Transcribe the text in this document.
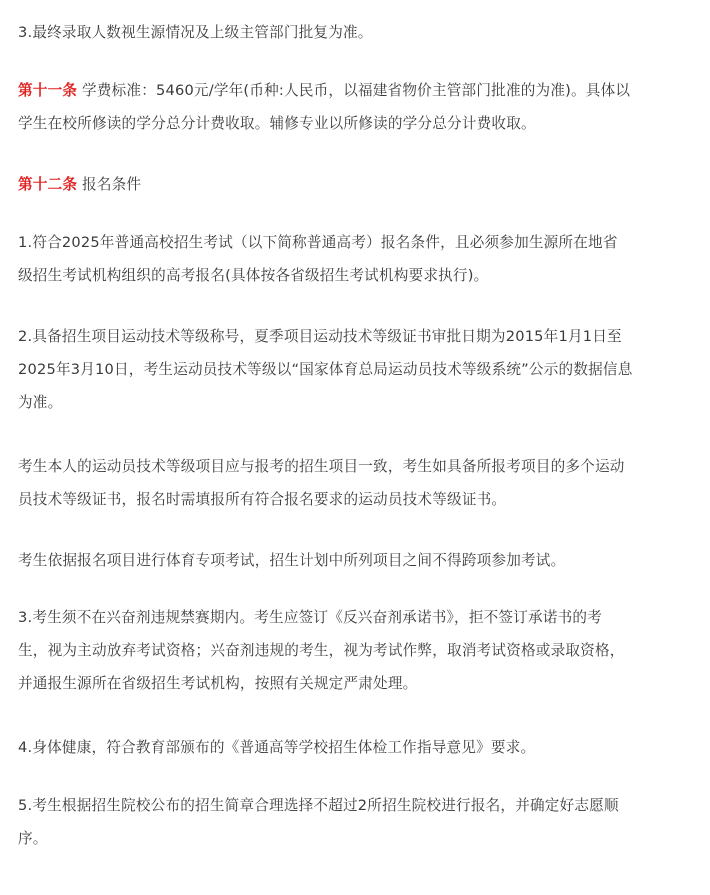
3.最终录取人数视生源情况及上级主管部门批复为准。

第十一条 学费标准：5460元/学年(币种:人民币，以福建省物价主管部门批准的为准)。具体以
学生在校所修读的学分总分计费收取。辅修专业以所修读的学分总分计费收取。

第十二条 报名条件

1.符合2025年普通高校招生考试（以下简称普通高考）报名条件，且必须参加生源所在地省
级招生考试机构组织的高考报名(具体按各省级招生考试机构要求执行)。

2.具备招生项目运动技术等级称号，夏季项目运动技术等级证书审批日期为2015年1月1日至
2025年3月10日，考生运动员技术等级以“国家体育总局运动员技术等级系统”公示的数据信息
为准。

考生本人的运动员技术等级项目应与报考的招生项目一致，考生如具备所报考项目的多个运动
员技术等级证书，报名时需填报所有符合报名要求的运动员技术等级证书。

考生依据报名项目进行体育专项考试，招生计划中所列项目之间不得跨项参加考试。

3.考生须不在兴奋剂违规禁赛期内。考生应签订《反兴奋剂承诺书》，拒不签订承诺书的考
生，视为主动放弃考试资格；兴奋剂违规的考生，视为考试作弊，取消考试资格或录取资格，
并通报生源所在省级招生考试机构，按照有关规定严肃处理。

4.身体健康，符合教育部颁布的《普通高等学校招生体检工作指导意见》要求。

5.考生根据招生院校公布的招生简章合理选择不超过2所招生院校进行报名，并确定好志愿顺
序。
